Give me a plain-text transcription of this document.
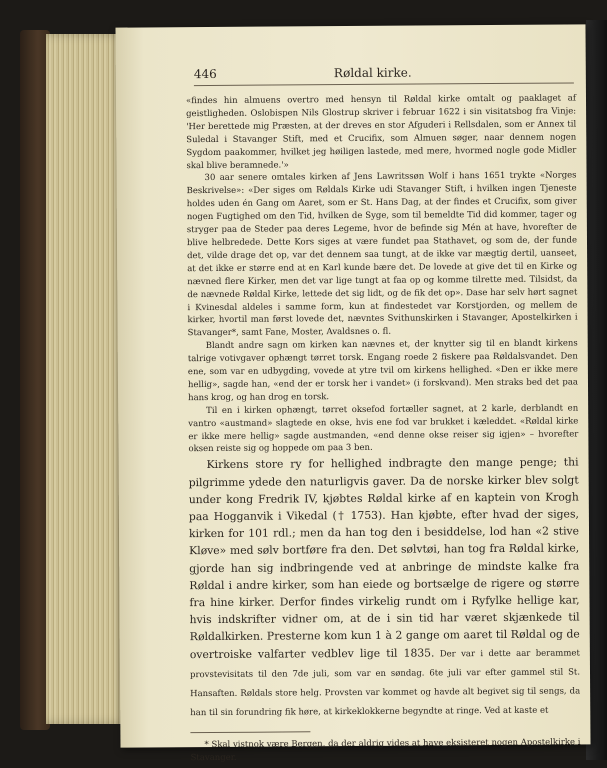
446	Røldal kirke.

«findes hin almuens overtro med hensyn til Røldal kirke omtalt og paaklaget af geistligheden. Oslobispen Nils Glostrup skriver i februar 1622 i sin visitatsbog fra Vinje: 'Her berettede mig Præsten, at der dreves en stor Afguderi i Rellsdalen, som er Annex til Suledal i Stavanger Stift, med et Crucifix, som Almuen søger, naar dennem nogen Sygdom paakommer, hvilket jeg høiligen lastede, med mere, hvormed nogle gode Midler skal blive beramnede.'»

30 aar senere omtales kirken af Jens Lawritssøn Wolf i hans 1651 trykte «Norges Beskrivelse»: «Der siges om Røldals Kirke udi Stavanger Stift, i hvilken ingen Tjeneste holdes uden én Gang om Aaret, som er St. Hans Dag, at der findes et Crucifix, som giver nogen Fugtighed om den Tid, hvilken de Syge, som til bemeldte Tid did kommer, tager og stryger paa de Steder paa deres Legeme, hvor de befinde sig Mén at have, hvorefter de blive helbredede. Dette Kors siges at være fundet paa Stathavet, og som de, der funde det, vilde drage det op, var det dennem saa tungt, at de ikke var mægtig dertil, uanseet, at det ikke er større end at en Karl kunde bære det. De lovede at give det til en Kirke og nævned flere Kirker, men det var lige tungt at faa op og komme tilrette med. Tilsidst, da de nævnede Røldal Kirke, lettede det sig lidt, og de fik det op». Dase har selv hørt sagnet i Kvinesdal aldeles i samme form, kun at findestedet var Korstjorden, og mellem de kirker, hvortil man først lovede det, nævntes Svithunskirken i Stavanger, Apostelkirken i Stavanger*, samt Fane, Moster, Avaldsnes o. fl.

Blandt andre sagn om kirken kan nævnes et, der knytter sig til en blandt kirkens talrige votivgaver ophængt tørret torsk. Engang roede 2 fiskere paa Røldalsvandet. Den ene, som var en udbygding, vovede at ytre tvil om kirkens hellighed. «Den er ikke mere hellig», sagde han, «end der er torsk her i vandet» (i forskvand). Men straks bed det paa hans krog, og han drog en torsk.

Til en i kirken ophængt, tørret oksefod fortæller sagnet, at 2 karle, derblandt en vantro «austmand» slagtede en okse, hvis ene fod var brukket i kæleddet. «Røldal kirke er ikke mere hellig» sagde austmanden, «end denne okse reiser sig igjen» – hvorefter oksen reiste sig og hoppede om paa 3 ben.

Kirkens store ry for hellighed indbragte den mange penge; thi pilgrimme ydede den naturligvis gaver. Da de norske kirker blev solgt under kong Fredrik IV, kjøbtes Røldal kirke af en kaptein von Krogh paa Hogganvik i Vikedal († 1753). Han kjøbte, efter hvad der siges, kirken for 101 rdl.; men da han tog den i besiddelse, lod han «2 stive Kløve» med sølv bortføre fra den. Det sølvtøi, han tog fra Røldal kirke, gjorde han sig indbringende ved at anbringe de mindste kalke fra Røldal i andre kirker, som han eiede og bortsælge de rigere og større fra hine kirker. Derfor findes virkelig rundt om i Ryfylke hellige kar, hvis indskrifter vidner om, at de i sin tid har været skjænkede til Røldalkirken. Presterne kom kun 1 à 2 gange om aaret til Røldal og de overtroiske valfarter vedblev lige til 1835. Der var i dette aar berammet provstevisitats til den 7de juli, som var en søndag. 6te juli var efter gammel stil St. Hansaften. Røldals store helg. Provsten var kommet og havde alt begivet sig til sengs, da han til sin forundring fik høre, at kirkeklokkerne begyndte at ringe. Ved at kaste et

* Skal vistnok være Bergen, da der aldrig vides at have eksisteret nogen Apostelkirke i Stavanger.
